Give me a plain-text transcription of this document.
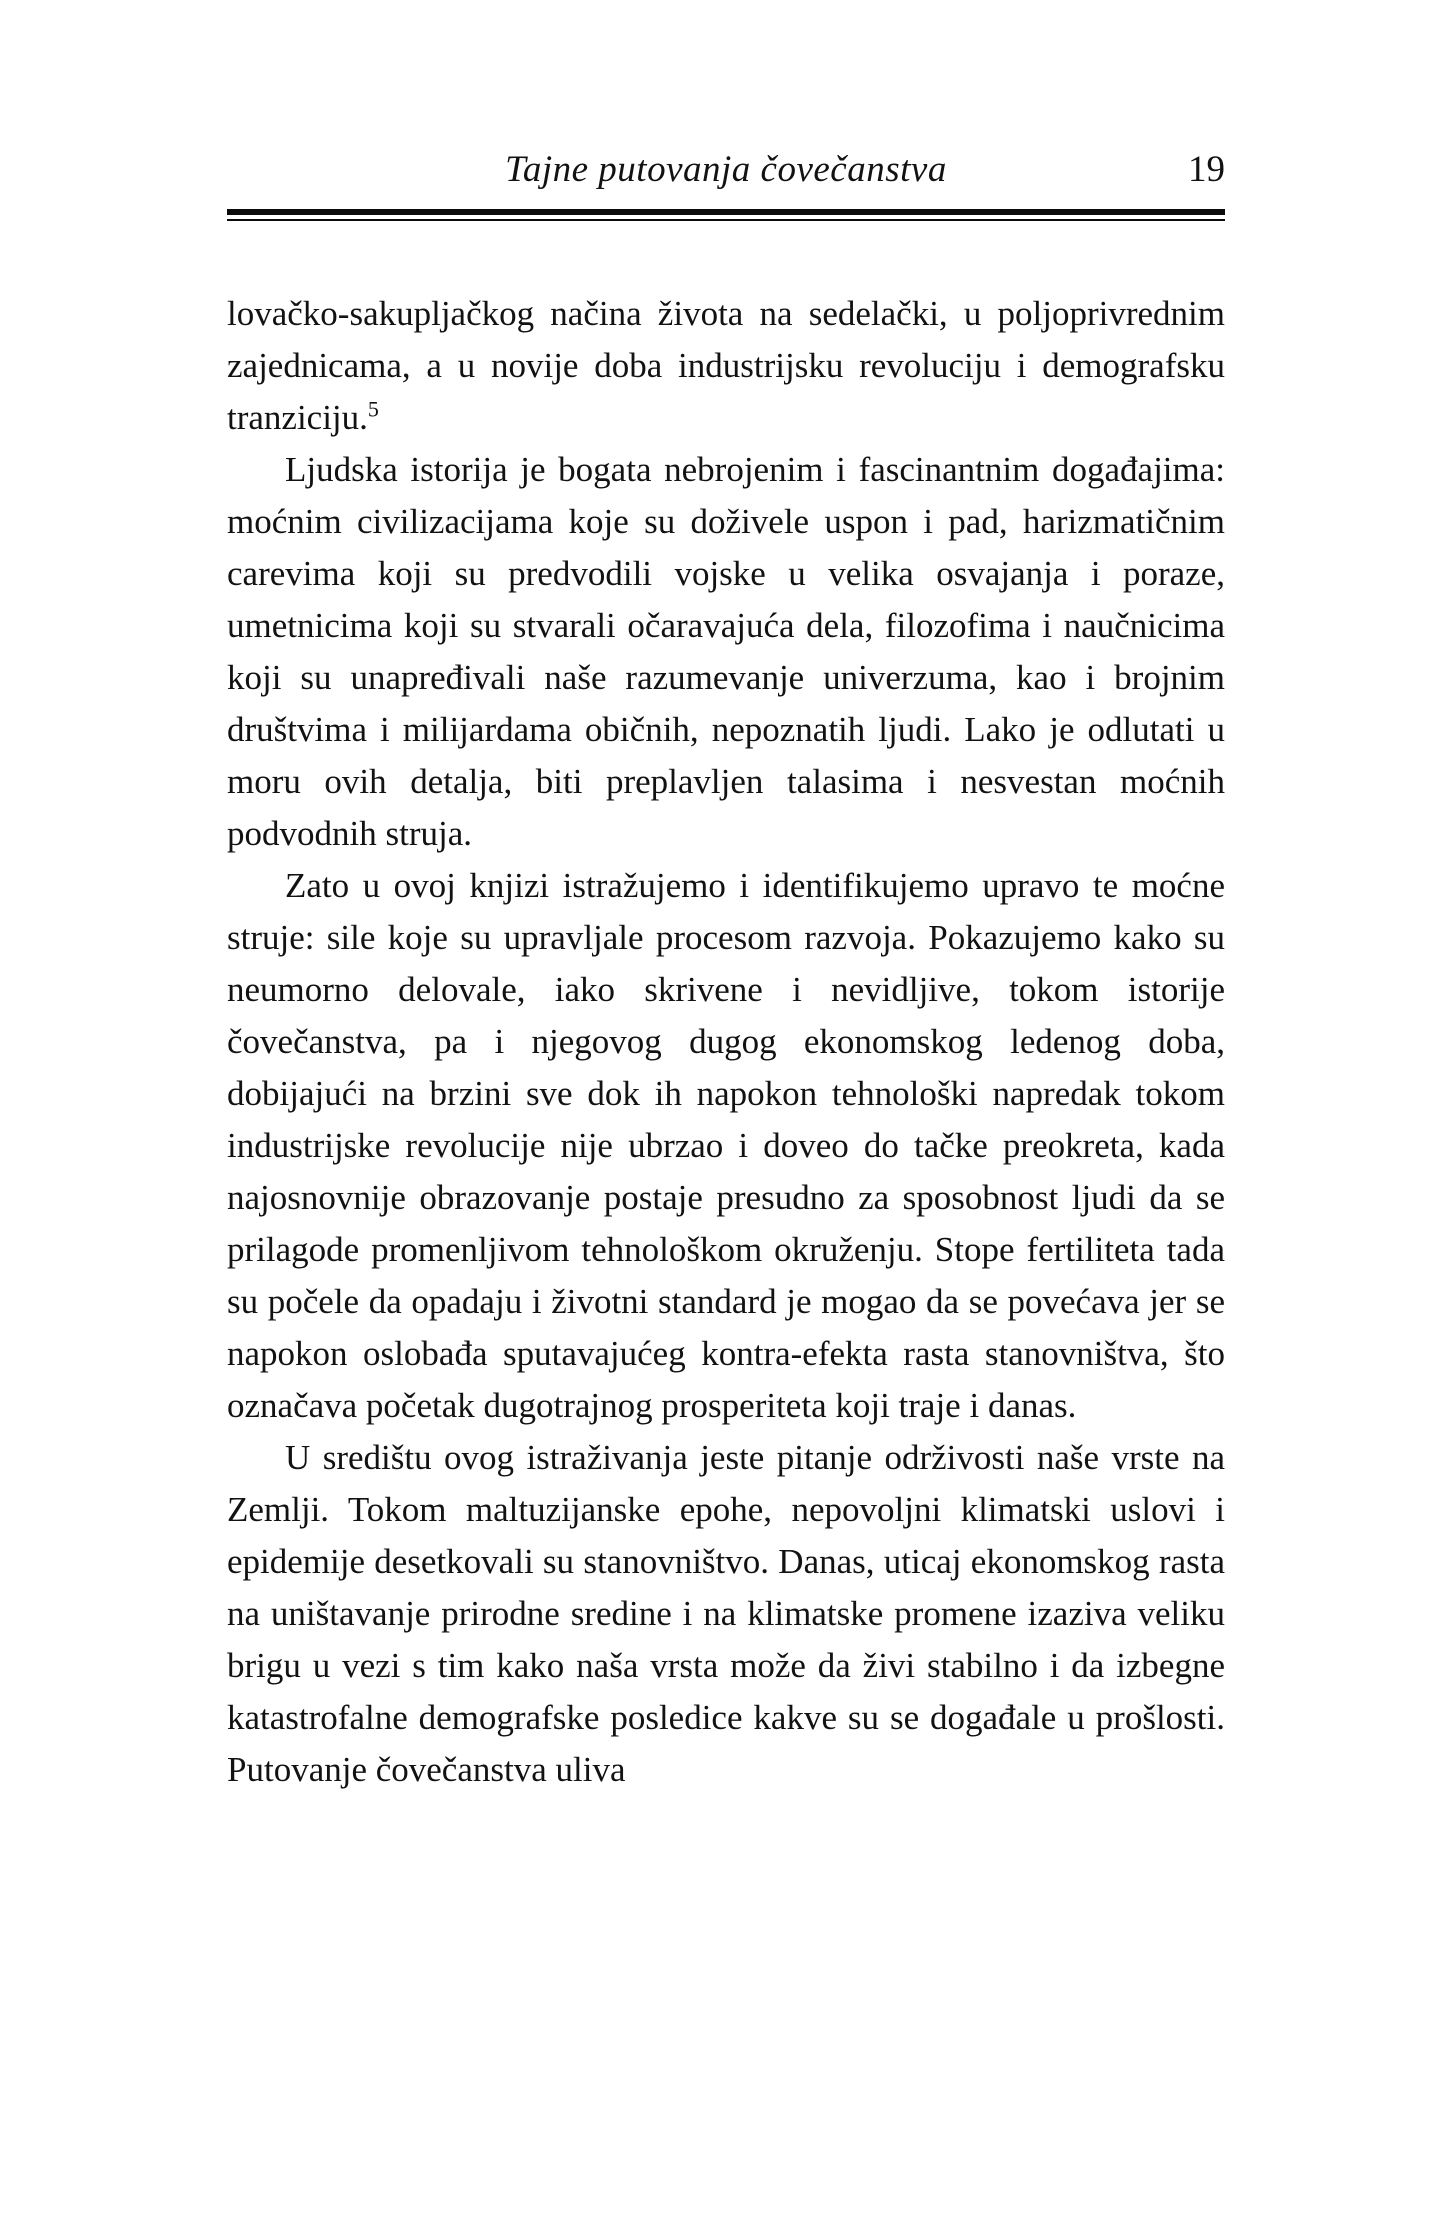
Tajne putovanja čovečanstva	19

lovačko-sakupljačkog načina života na sedelački, u poljoprivrednim zajednicama, a u novije doba industrijsku revoluciju i demografsku tranziciju.$^5$

Ljudska istorija je bogata nebrojenim i fascinantnim događajima: moćnim civilizacijama koje su doživele uspon i pad, harizmatičnim carevima koji su predvodili vojske u velika osvajanja i poraze, umetnicima koji su stvarali očaravajuća dela, filozofima i naučnicima koji su unapređivali naše razumevanje univerzuma, kao i brojnim društvima i milijardama običnih, nepoznatih ljudi. Lako je odlutati u moru ovih detalja, biti preplavljen talasima i nesvestan moćnih podvodnih struja.

Zato u ovoj knjizi istražujemo i identifikujemo upravo te moćne struje: sile koje su upravljale procesom razvoja. Pokazujemo kako su neumorno delovale, iako skrivene i nevidljive, tokom istorije čovečanstva, pa i njegovog dugog ekonomskog ledenog doba, dobijajući na brzini sve dok ih napokon tehnološki napredak tokom industrijske revolucije nije ubrzao i doveo do tačke preokreta, kada najosnovnije obrazovanje postaje presudno za sposobnost ljudi da se prilagode promenljivom tehnološkom okruženju. Stope fertiliteta tada su počele da opadaju i životni standard je mogao da se povećava jer se napokon oslobađa sputavajućeg kontra-efekta rasta stanovništva, što označava početak dugotrajnog prosperiteta koji traje i danas.

U središtu ovog istraživanja jeste pitanje održivosti naše vrste na Zemlji. Tokom maltuzijanske epohe, nepovoljni klimatski uslovi i epidemije desetkovali su stanovništvo. Danas, uticaj ekonomskog rasta na uništavanje prirodne sredine i na klimatske promene izaziva veliku brigu u vezi s tim kako naša vrsta može da živi stabilno i da izbegne katastrofalne demografske posledice kakve su se događale u prošlosti. Putovanje čovečanstva uliva
